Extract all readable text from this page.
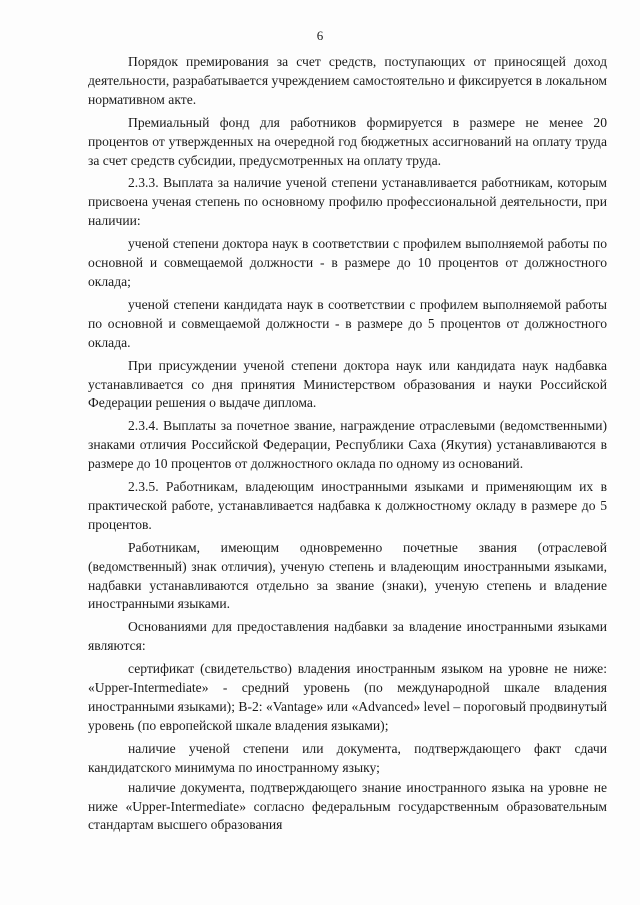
6

Порядок премирования за счет средств, поступающих от приносящей доход деятельности, разрабатывается учреждением самостоятельно и фиксируется в локальном нормативном акте.

Премиальный фонд для работников формируется в размере не менее 20 процентов от утвержденных на очередной год бюджетных ассигнований на оплату труда за счет средств субсидии, предусмотренных на оплату труда.

2.3.3. Выплата за наличие ученой степени устанавливается работникам, которым присвоена ученая степень по основному профилю профессиональной деятельности, при наличии:

ученой степени доктора наук в соответствии с профилем выполняемой работы по основной и совмещаемой должности - в размере до 10 процентов от должностного оклада;

ученой степени кандидата наук в соответствии с профилем выполняемой работы по основной и совмещаемой должности - в размере до 5 процентов от должностного оклада.

При присуждении ученой степени доктора наук или кандидата наук надбавка устанавливается со дня принятия Министерством образования и науки Российской Федерации решения о выдаче диплома.

2.3.4. Выплаты за почетное звание, награждение отраслевыми (ведомственными) знаками отличия Российской Федерации, Республики Саха (Якутия) устанавливаются в размере до 10 процентов от должностного оклада по одному из оснований.

2.3.5. Работникам, владеющим иностранными языками и применяющим их в практической работе, устанавливается надбавка к должностному окладу в размере до 5 процентов.

Работникам, имеющим одновременно почетные звания (отраслевой (ведомственный) знак отличия), ученую степень и владеющим иностранными языками, надбавки устанавливаются отдельно за звание (знаки), ученую степень и владение иностранными языками.

Основаниями для предоставления надбавки за владение иностранными языками являются:

сертификат (свидетельство) владения иностранным языком на уровне не ниже: «Upper-Intermediate» - средний уровень (по международной шкале владения иностранными языками); В-2: «Vantage» или «Advanced» level – пороговый продвинутый уровень (по европейской шкале владения языками);

наличие ученой степени или документа, подтверждающего факт сдачи кандидатского минимума по иностранному языку;

наличие документа, подтверждающего знание иностранного языка на уровне не ниже «Upper-Intermediate» согласно федеральным государственным образовательным стандартам высшего образования
